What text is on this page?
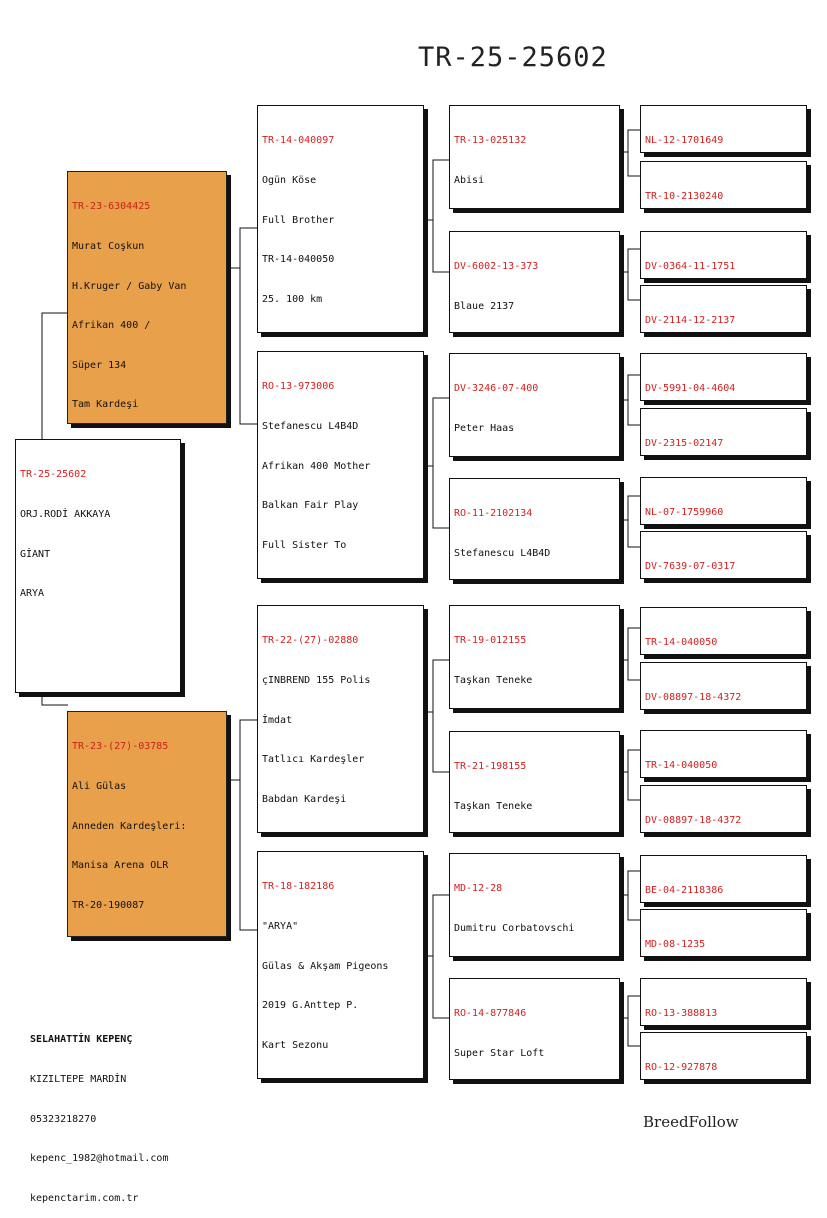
TR-25-25602

TR-25-25602

ORJ.RODİ AKKAYA

GİANT

ARYA

TR-23-6304425

Murat Coşkun

H.Kruger / Gaby Van

Afrikan 400 /

Süper 134

Tam Kardeşi

TR-23-(27)-03785

Ali Gülas

Anneden Kardeşleri:

Manisa Arena OLR

TR-20-190087

TR-14-040097

Ogün Köse

Full Brother

TR-14-040050

25. 100 km

RO-13-973006

Stefanescu L4B4D

Afrikan 400 Mother

Balkan Fair Play

Full Sister To

TR-22-(27)-02880

çINBREND 155 Polis

İmdat

Tatlıcı Kardeşler

Babdan Kardeşi

TR-18-182186

"ARYA"

Gülas & Akşam Pigeons

2019 G.Anttep P.

Kart Sezonu

TR-13-025132

Abisi

DV-6002-13-373

Blaue 2137

DV-3246-07-400

Peter Haas

RO-11-2102134

Stefanescu L4B4D

TR-19-012155

Taşkan Teneke

TR-21-198155

Taşkan Teneke

MD-12-28

Dumitru Corbatovschi

RO-14-877846

Super Star Loft

NL-12-1701649

TR-10-2130240

DV-0364-11-1751

DV-2114-12-2137

DV-5991-04-4604

DV-2315-02147

NL-07-1759960

DV-7639-07-0317

TR-14-040050

DV-08897-18-4372

TR-14-040050

DV-08897-18-4372

BE-04-2118386

MD-08-1235

RO-13-388813

RO-12-927878

SELAHATTİN KEPENÇ

KIZILTEPE MARDİN

05323218270

kepenc_1982@hotmail.com

kepenctarim.com.tr

BreedFollow
